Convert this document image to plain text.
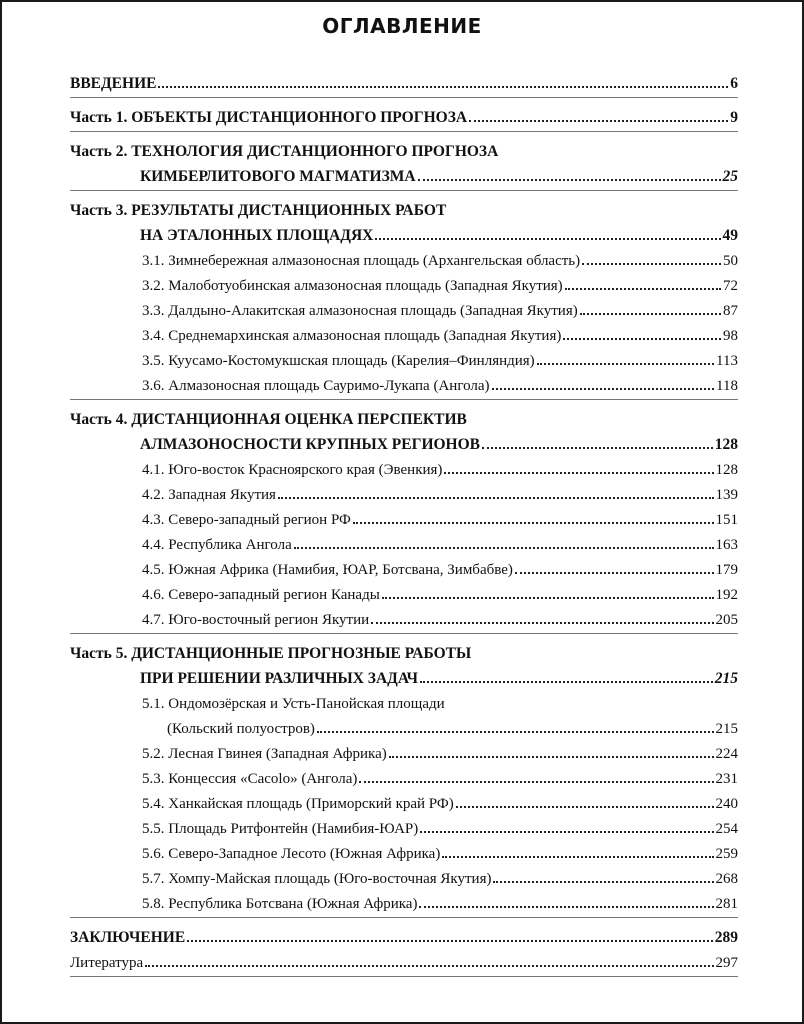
ОГЛАВЛЕНИЕ
ВВЕДЕНИЕ	6
Часть 1. ОБЪЕКТЫ ДИСТАНЦИОННОГО ПРОГНОЗА	9
Часть 2. ТЕХНОЛОГИЯ ДИСТАНЦИОННОГО ПРОГНОЗА
КИМБЕРЛИТОВОГО МАГМАТИЗМА	25
Часть 3. РЕЗУЛЬТАТЫ ДИСТАНЦИОННЫХ РАБОТ
НА ЭТАЛОННЫХ ПЛОЩАДЯХ	49
3.1. Зимнебережная алмазоносная площадь (Архангельская область)	50
3.2. Малоботуобинская алмазоносная площадь (Западная Якутия)	72
3.3. Далдыно-Алакитская алмазоносная площадь (Западная Якутия)	87
3.4. Среднемархинская алмазоносная площадь (Западная Якутия)	98
3.5. Куусамо-Костомукшская площадь (Карелия–Финляндия)	113
3.6. Алмазоносная площадь Сауримо-Лукапа (Ангола)	118
Часть 4. ДИСТАНЦИОННАЯ ОЦЕНКА ПЕРСПЕКТИВ
АЛМАЗОНОСНОСТИ КРУПНЫХ РЕГИОНОВ	128
4.1. Юго-восток Красноярского края (Эвенкия)	128
4.2. Западная Якутия	139
4.3. Северо-западный регион РФ	151
4.4. Республика Ангола	163
4.5. Южная Африка (Намибия, ЮАР, Ботсвана, Зимбабве)	179
4.6. Северо-западный регион Канады	192
4.7. Юго-восточный регион Якутии	205
Часть 5. ДИСТАНЦИОННЫЕ ПРОГНОЗНЫЕ РАБОТЫ
ПРИ РЕШЕНИИ РАЗЛИЧНЫХ ЗАДАЧ	215
5.1. Ондомозёрская и Усть-Панойская площади
(Кольский полуостров)	215
5.2. Лесная Гвинея (Западная Африка)	224
5.3. Концессия «Cacolo» (Ангола)	231
5.4. Ханкайская площадь (Приморский край РФ)	240
5.5. Площадь Ритфонтейн (Намибия-ЮАР)	254
5.6. Северо-Западное Лесото (Южная Африка)	259
5.7. Хомпу-Майская площадь (Юго-восточная Якутия)	268
5.8. Республика Ботсвана (Южная Африка)	281
ЗАКЛЮЧЕНИЕ	289
Литература	297
